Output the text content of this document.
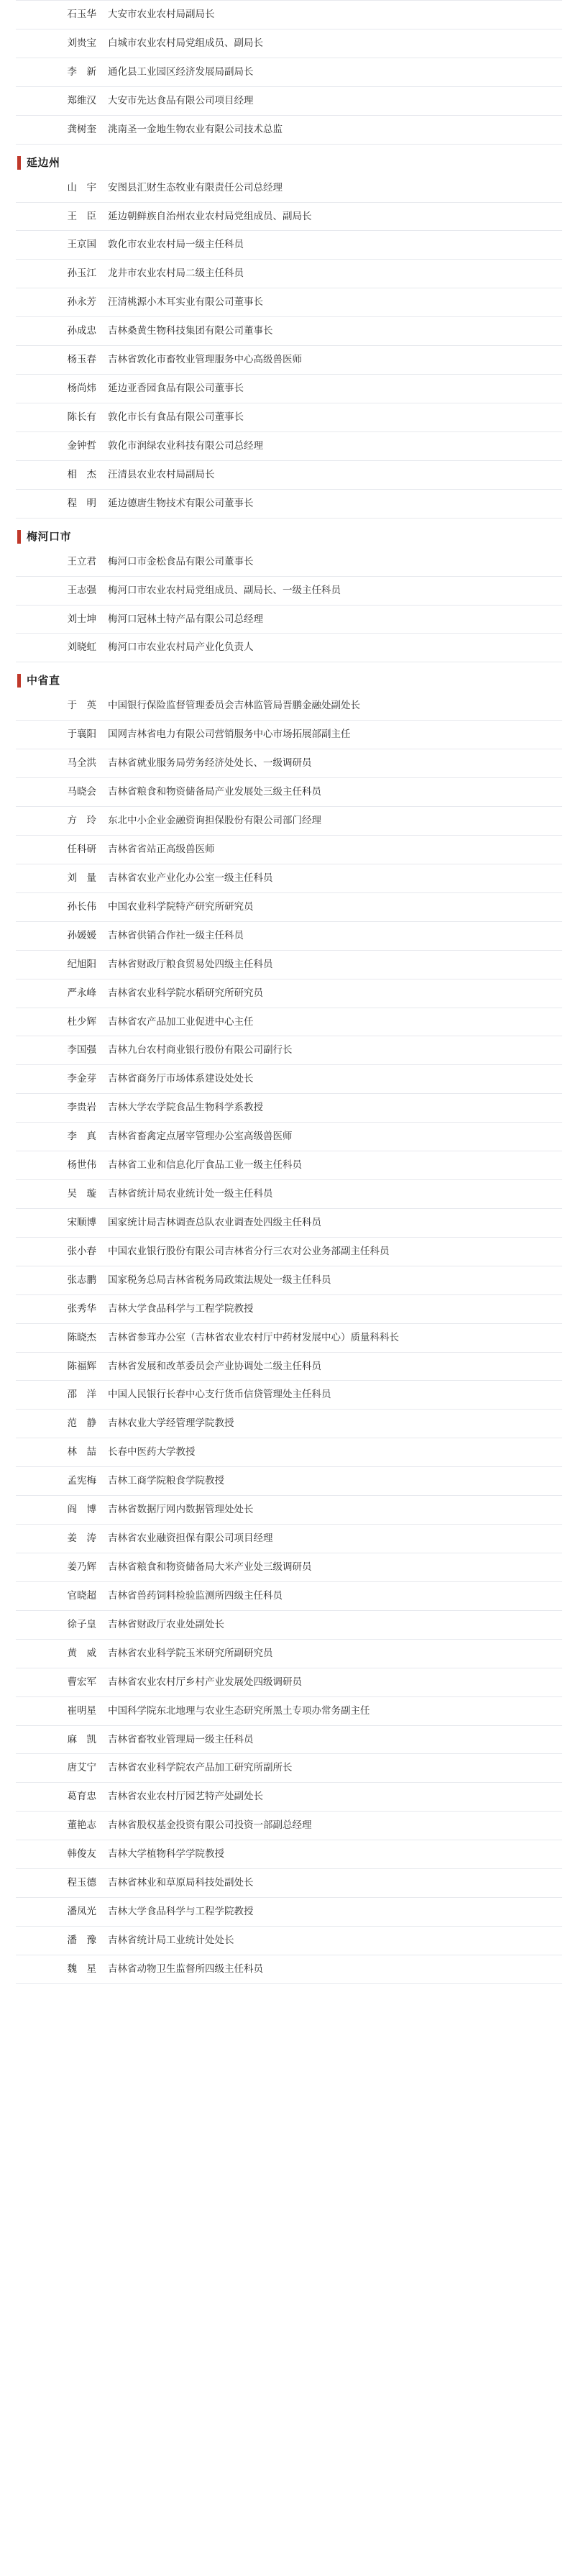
石玉华	大安市农业农村局副局长
刘贵宝	白城市农业农村局党组成员、副局长
李　新	通化县工业园区经济发展局副局长
郑维汉	大安市先达食品有限公司项目经理
龚树奎	洮南圣一金地生物农业有限公司技术总监
延边州
山　宇	安图县汇财生态牧业有限责任公司总经理
王　臣	延边朝鲜族自治州农业农村局党组成员、副局长
王京国	敦化市农业农村局一级主任科员
孙玉江	龙井市农业农村局二级主任科员
孙永芳	汪清桃源小木耳实业有限公司董事长
孙成忠	吉林桑黄生物科技集团有限公司董事长
杨玉春	吉林省敦化市畜牧业管理服务中心高级兽医师
杨尚炜	延边亚香园食品有限公司董事长
陈长有	敦化市长有食品有限公司董事长
金钟哲	敦化市润绿农业科技有限公司总经理
相　杰	汪清县农业农村局副局长
程　明	延边德唐生物技术有限公司董事长
梅河口市
王立君	梅河口市金松食品有限公司董事长
王志强	梅河口市农业农村局党组成员、副局长、一级主任科员
刘士坤	梅河口冠林土特产品有限公司总经理
刘晓虹	梅河口市农业农村局产业化负责人
中省直
于　英	中国银行保险监督管理委员会吉林监管局晋鹏金融处副处长
于襄阳	国网吉林省电力有限公司营销服务中心市场拓展部副主任
马全洪	吉林省就业服务局劳务经济处处长、一级调研员
马晓会	吉林省粮食和物资储备局产业发展处三级主任科员
方　玲	东北中小企业金融资询担保股份有限公司部门经理
任科研	吉林省省站正高级兽医师
刘　量	吉林省农业产业化办公室一级主任科员
孙长伟	中国农业科学院特产研究所研究员
孙媛媛	吉林省供销合作社一级主任科员
纪旭阳	吉林省财政厅粮食贸易处四级主任科员
严永峰	吉林省农业科学院水稻研究所研究员
杜少辉	吉林省农产品加工业促进中心主任
李国强	吉林九台农村商业银行股份有限公司副行长
李金芽	吉林省商务厅市场体系建设处处长
李贵岩	吉林大学农学院食品生物科学系教授
李　真	吉林省畜禽定点屠宰管理办公室高级兽医师
杨世伟	吉林省工业和信息化厅食品工业一级主任科员
吴　璇	吉林省统计局农业统计处一级主任科员
宋顺博	国家统计局吉林调查总队农业调查处四级主任科员
张小春	中国农业银行股份有限公司吉林省分行三农对公业务部副主任科员
张志鹏	国家税务总局吉林省税务局政策法规处一级主任科员
张秀华	吉林大学食品科学与工程学院教授
陈晓杰	吉林省参茸办公室（吉林省农业农村厅中药材发展中心）质量科科长
陈福辉	吉林省发展和改革委员会产业协调处二级主任科员
邵　洋	中国人民银行长春中心支行货币信贷管理处主任科员
范　静	吉林农业大学经管理学院教授
林　喆	长春中医药大学教授
孟宪梅	吉林工商学院粮食学院教授
阎　博	吉林省数据厅网内数据管理处处长
姜　涛	吉林省农业融资担保有限公司项目经理
姜乃辉	吉林省粮食和物资储备局大米产业处三级调研员
官晓超	吉林省兽药饲料检验监测所四级主任科员
徐子皇	吉林省财政厅农业处副处长
黄　威	吉林省农业科学院玉米研究所副研究员
曹宏军	吉林省农业农村厅乡村产业发展处四级调研员
崔明星	中国科学院东北地理与农业生态研究所黑土专项办常务副主任
麻　凯	吉林省畜牧业管理局一级主任科员
唐艾宁	吉林省农业科学院农产品加工研究所副所长
葛育忠	吉林省农业农村厅园艺特产处副处长
董艳志	吉林省股权基金投资有限公司投资一部副总经理
韩俊友	吉林大学植物科学学院教授
程玉德	吉林省林业和草原局科技处副处长
潘凤光	吉林大学食品科学与工程学院教授
潘　豫	吉林省统计局工业统计处处长
魏　星	吉林省动物卫生监督所四级主任科员
